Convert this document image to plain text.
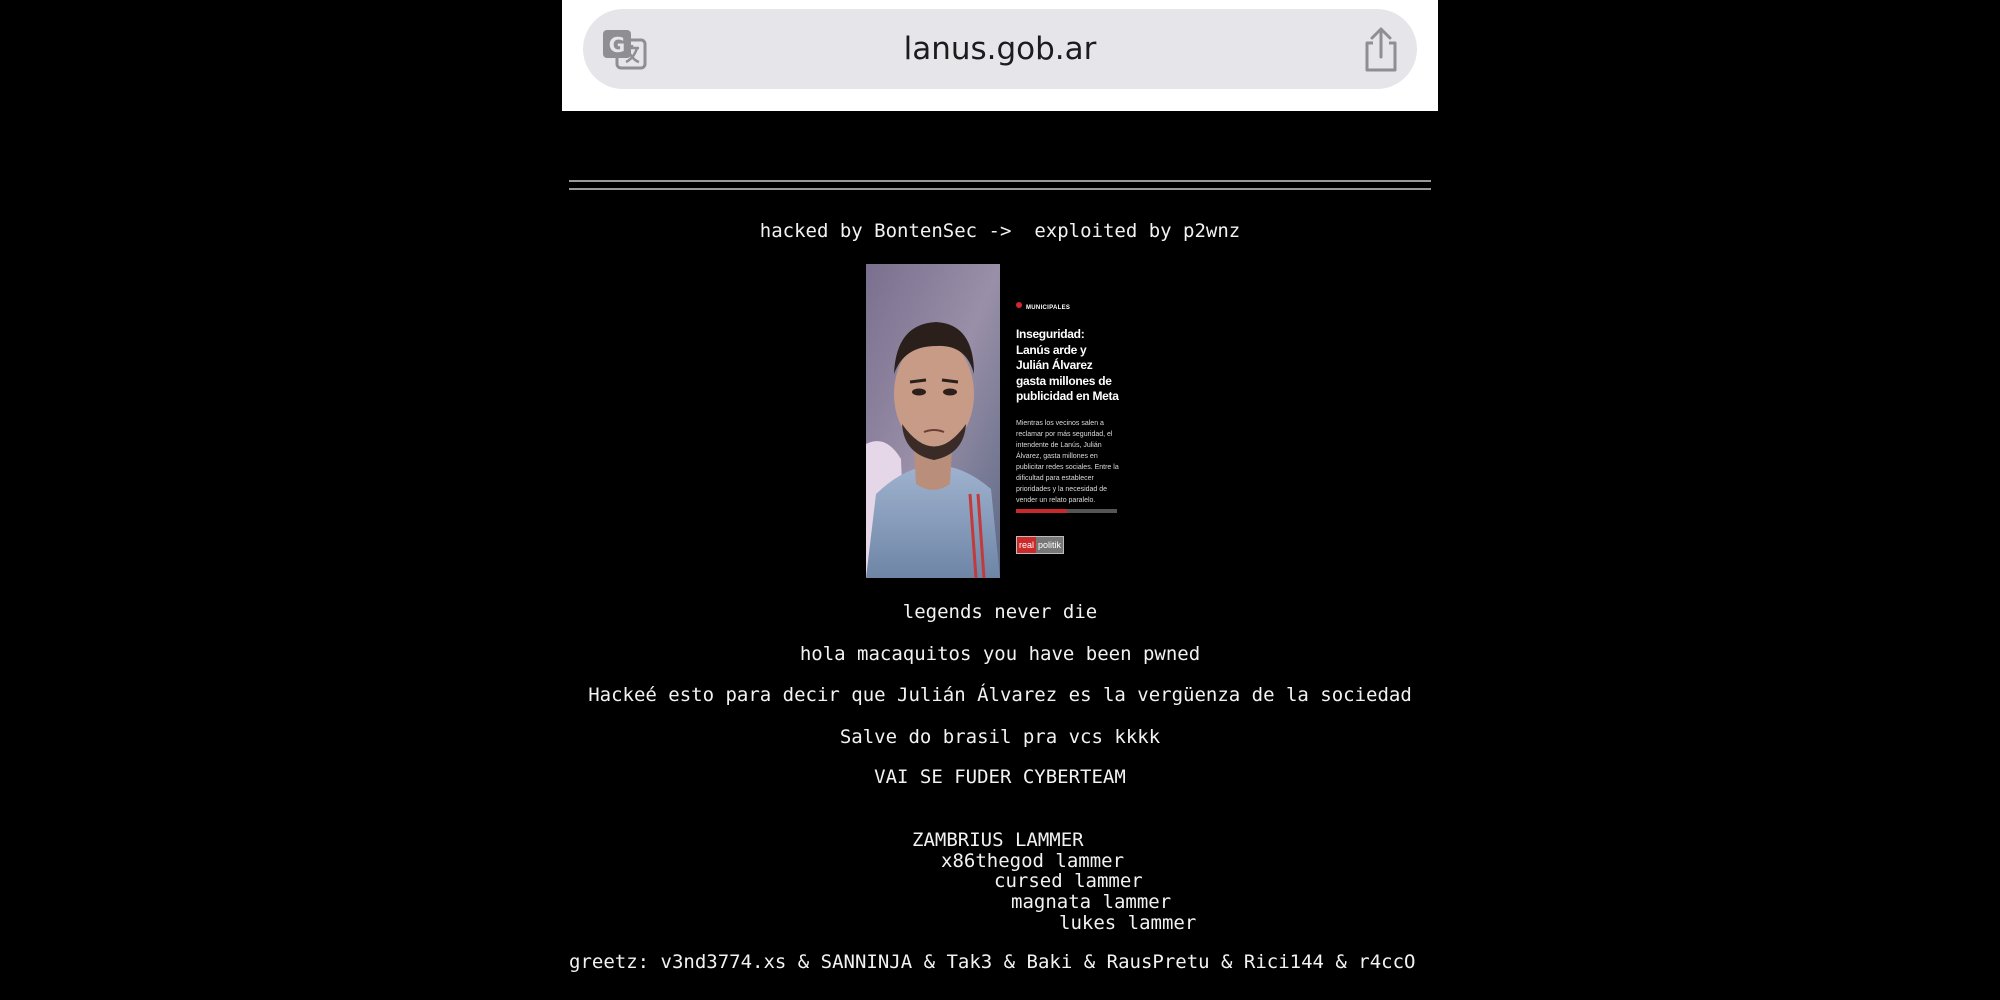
G	lanus.gob.ar
hacked by BontenSec ->  exploited by p2wnz
MUNICIPALES
Inseguridad: Lanús arde y Julián Álvarez gasta millones de publicidad en Meta
Mientras los vecinos salen a reclamar por más seguridad, el intendente de Lanús, Julián Álvarez, gasta millones en publicitar redes sociales. Entre la dificultad para establecer prioridades y la necesidad de vender un relato paralelo.
real politik
legends never die
hola macaquitos you have been pwned
Hackeé esto para decir que Julián Álvarez es la vergüenza de la sociedad
Salve do brasil pra vcs kkkk
VAI SE FUDER CYBERTEAM
ZAMBRIUS LAMMER
x86thegod lammer
cursed lammer
magnata lammer
lukes lammer
greetz: v3nd3774.xs & SANNINJA & Tak3 & Baki & RausPretu & Rici144 & r4ccO
